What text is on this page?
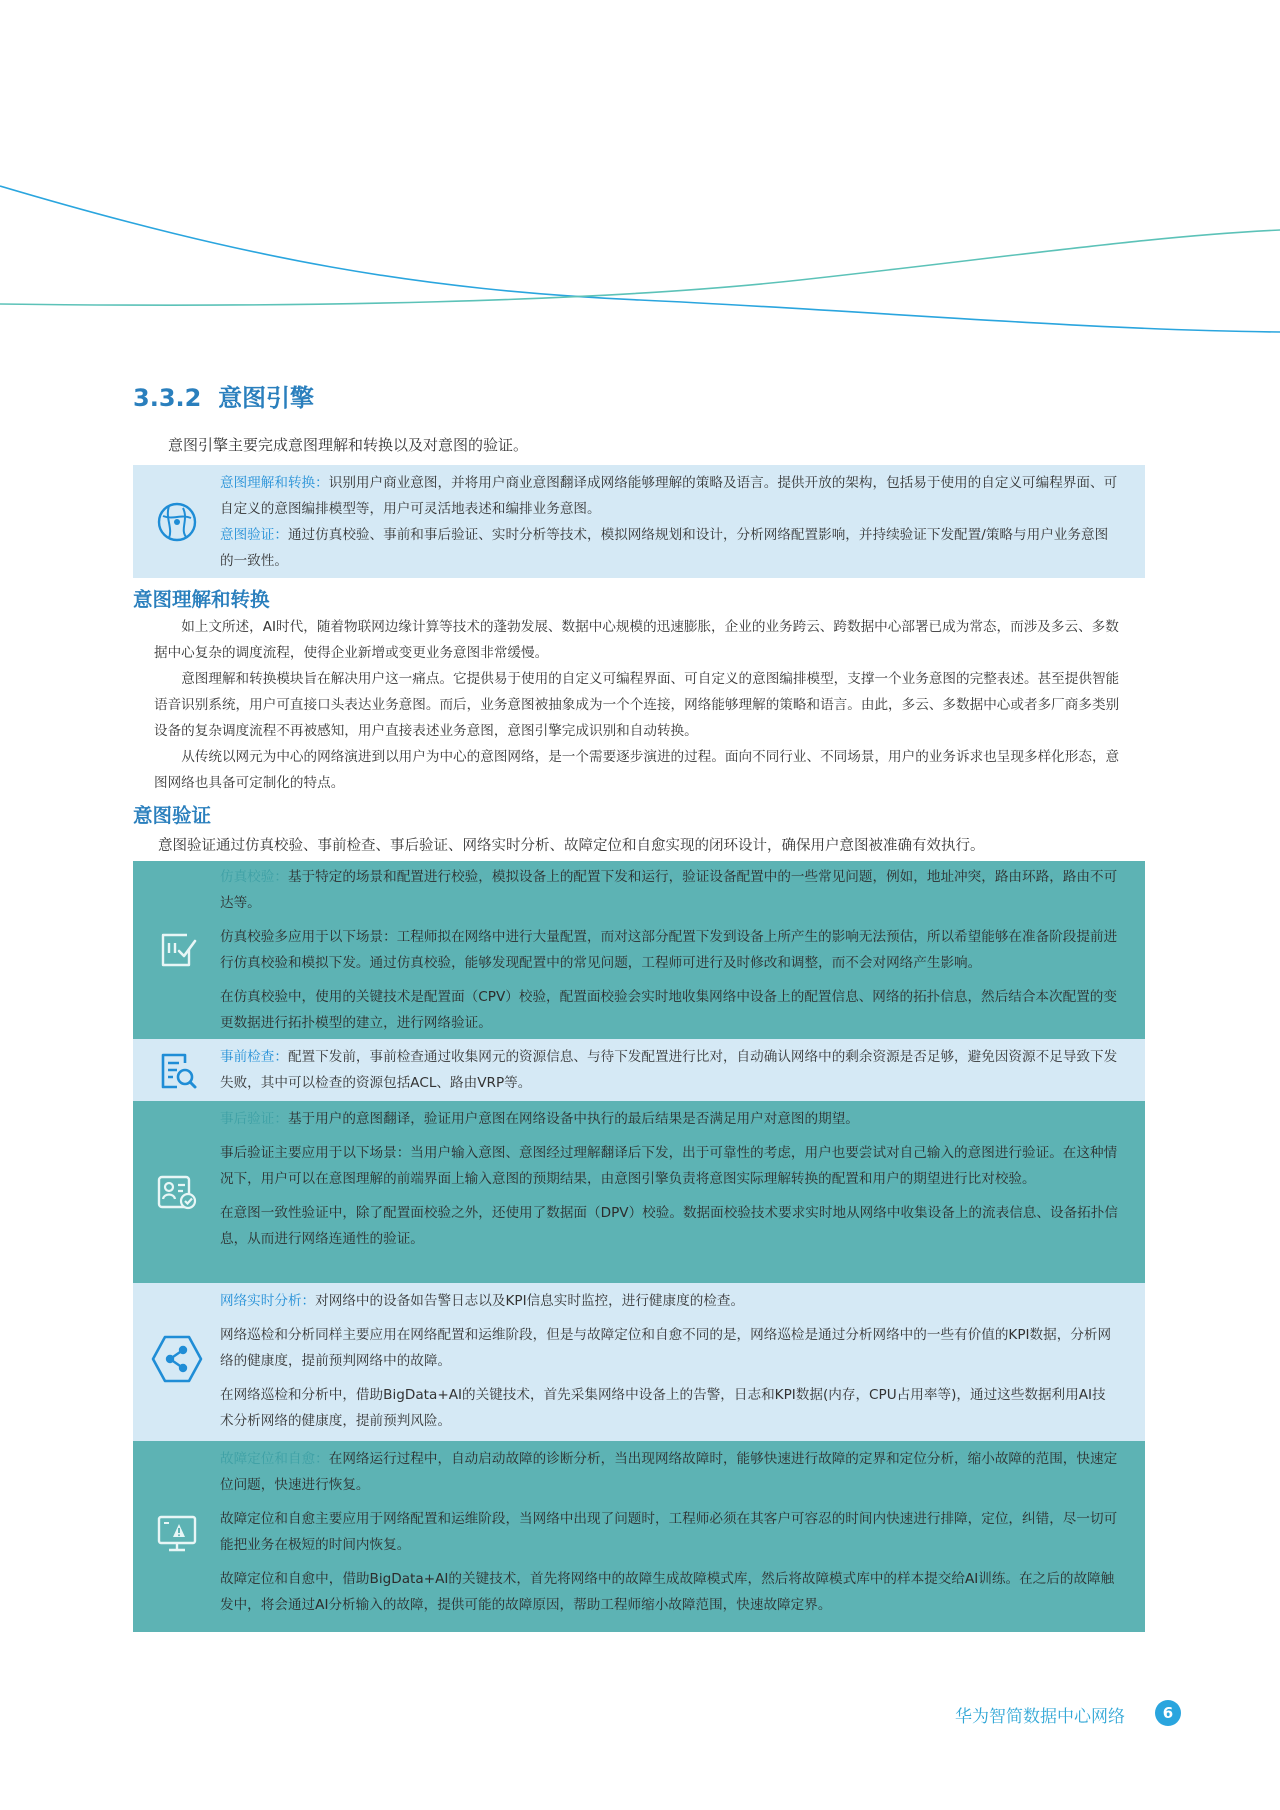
3.3.2 意图引擎

意图引擎主要完成意图理解和转换以及对意图的验证。

意图理解和转换：识别用户商业意图，并将用户商业意图翻译成网络能够理解的策略及语言。提供开放的架构，包括易于使用的自定义可编程界面、可自定义的意图编排模型等，用户可灵活地表述和编排业务意图。

意图验证：通过仿真校验、事前和事后验证、实时分析等技术，模拟网络规划和设计，分析网络配置影响，并持续验证下发配置/策略与用户业务意图的一致性。

意图理解和转换

如上文所述，AI时代，随着物联网边缘计算等技术的蓬勃发展、数据中心规模的迅速膨胀，企业的业务跨云、跨数据中心部署已成为常态，而涉及多云、多数据中心复杂的调度流程，使得企业新增或变更业务意图非常缓慢。

意图理解和转换模块旨在解决用户这一痛点。它提供易于使用的自定义可编程界面、可自定义的意图编排模型，支撑一个业务意图的完整表述。甚至提供智能语音识别系统，用户可直接口头表达业务意图。而后，业务意图被抽象成为一个个连接，网络能够理解的策略和语言。由此，多云、多数据中心或者多厂商多类别设备的复杂调度流程不再被感知，用户直接表述业务意图，意图引擎完成识别和自动转换。

从传统以网元为中心的网络演进到以用户为中心的意图网络，是一个需要逐步演进的过程。面向不同行业、不同场景，用户的业务诉求也呈现多样化形态，意图网络也具备可定制化的特点。

意图验证

意图验证通过仿真校验、事前检查、事后验证、网络实时分析、故障定位和自愈实现的闭环设计，确保用户意图被准确有效执行。

仿真校验：基于特定的场景和配置进行校验，模拟设备上的配置下发和运行，验证设备配置中的一些常见问题，例如，地址冲突，路由环路，路由不可达等。

仿真校验多应用于以下场景：工程师拟在网络中进行大量配置，而对这部分配置下发到设备上所产生的影响无法预估，所以希望能够在准备阶段提前进行仿真校验和模拟下发。通过仿真校验，能够发现配置中的常见问题，工程师可进行及时修改和调整，而不会对网络产生影响。

在仿真校验中，使用的关键技术是配置面（CPV）校验，配置面校验会实时地收集网络中设备上的配置信息、网络的拓扑信息，然后结合本次配置的变更数据进行拓扑模型的建立，进行网络验证。

事前检查：配置下发前，事前检查通过收集网元的资源信息、与待下发配置进行比对，自动确认网络中的剩余资源是否足够，避免因资源不足导致下发失败，其中可以检查的资源包括ACL、路由VRP等。

事后验证：基于用户的意图翻译，验证用户意图在网络设备中执行的最后结果是否满足用户对意图的期望。

事后验证主要应用于以下场景：当用户输入意图、意图经过理解翻译后下发，出于可靠性的考虑，用户也要尝试对自己输入的意图进行验证。在这种情况下，用户可以在意图理解的前端界面上输入意图的预期结果，由意图引擎负责将意图实际理解转换的配置和用户的期望进行比对校验。

在意图一致性验证中，除了配置面校验之外，还使用了数据面（DPV）校验。数据面校验技术要求实时地从网络中收集设备上的流表信息、设备拓扑信息，从而进行网络连通性的验证。

网络实时分析：对网络中的设备如告警日志以及KPI信息实时监控，进行健康度的检查。

网络巡检和分析同样主要应用在网络配置和运维阶段，但是与故障定位和自愈不同的是，网络巡检是通过分析网络中的一些有价值的KPI数据，分析网络的健康度，提前预判网络中的故障。

在网络巡检和分析中，借助BigData+AI的关键技术，首先采集网络中设备上的告警，日志和KPI数据(内存，CPU占用率等)，通过这些数据利用AI技术分析网络的健康度，提前预判风险。

故障定位和自愈：在网络运行过程中，自动启动故障的诊断分析，当出现网络故障时，能够快速进行故障的定界和定位分析，缩小故障的范围，快速定位问题，快速进行恢复。

故障定位和自愈主要应用于网络配置和运维阶段，当网络中出现了问题时，工程师必须在其客户可容忍的时间内快速进行排障，定位，纠错，尽一切可能把业务在极短的时间内恢复。

故障定位和自愈中，借助BigData+AI的关键技术，首先将网络中的故障生成故障模式库，然后将故障模式库中的样本提交给AI训练。在之后的故障触发中，将会通过AI分析输入的故障，提供可能的故障原因，帮助工程师缩小故障范围，快速故障定界。

华为智简数据中心网络	6
